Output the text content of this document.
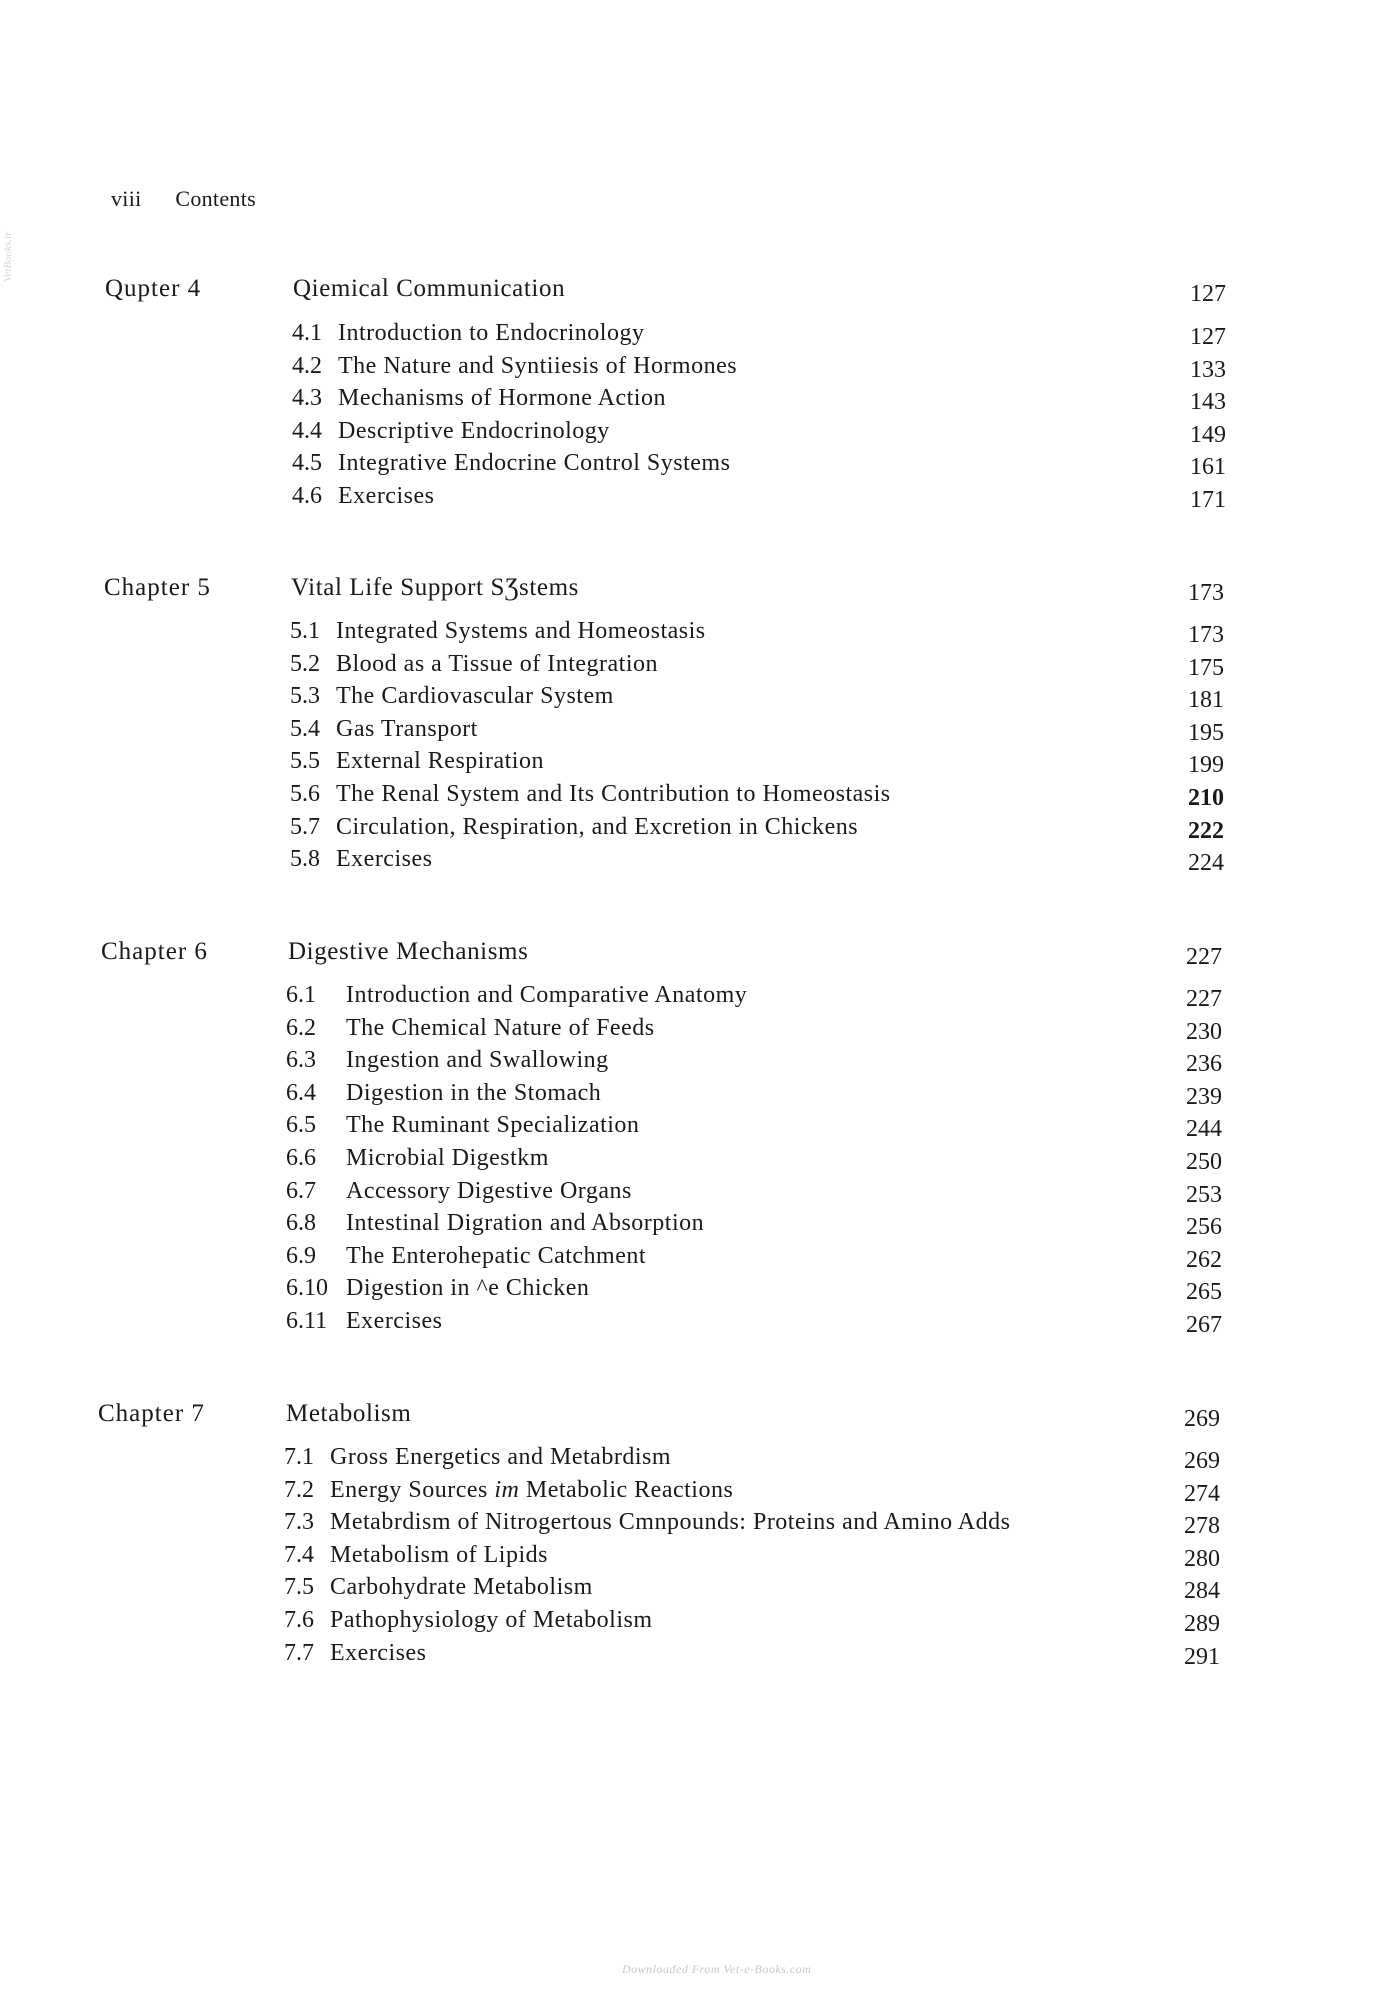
viii Contents
VetBooks.ir
Qupter 4	Qiemical Communication	127
4.1 Introduction to Endocrinology	127
4.2 The Nature and Syntiiesis of Hormones	133
4.3 Mechanisms of Hormone Action	143
4.4 Descriptive Endocrinology	149
4.5 Integrative Endocrine Control Systems	161
4.6 Exercises	171
Chapter 5	Vital Life Support SƷstems	173
5.1 Integrated Systems and Homeostasis	173
5.2 Blood as a Tissue of Integration	175
5.3 The Cardiovascular System	181
5.4 Gas Transport	195
5.5 External Respiration	199
5.6 The Renal System and Its Contribution to Homeostasis	210
5.7 Circulation, Respiration, and Excretion in Chickens	222
5.8 Exercises	224
Chapter 6	Digestive Mechanisms	227
6.1 Introduction and Comparative Anatomy	227
6.2 The Chemical Nature of Feeds	230
6.3 Ingestion and Swallowing	236
6.4 Digestion in the Stomach	239
6.5 The Ruminant Specialization	244
6.6 Microbial Digestkm	250
6.7 Accessory Digestive Organs	253
6.8 Intestinal Digration and Absorption	256
6.9 The Enterohepatic Catchment	262
6.10 Digestion in ^e Chicken	265
6.11 Exercises	267
Chapter 7	Metabolism	269
7.1 Gross Energetics and Metabrdism	269
7.2 Energy Sources im Metabolic Reactions	274
7.3 Metabrdism of Nitrogertous Cmnpounds: Proteins and Amino Adds	278
7.4 Metabolism of Lipids	280
7.5 Carbohydrate Metabolism	284
7.6 Pathophysiology of Metabolism	289
7.7 Exercises	291
Downloaded From Vet-e-Books.com
